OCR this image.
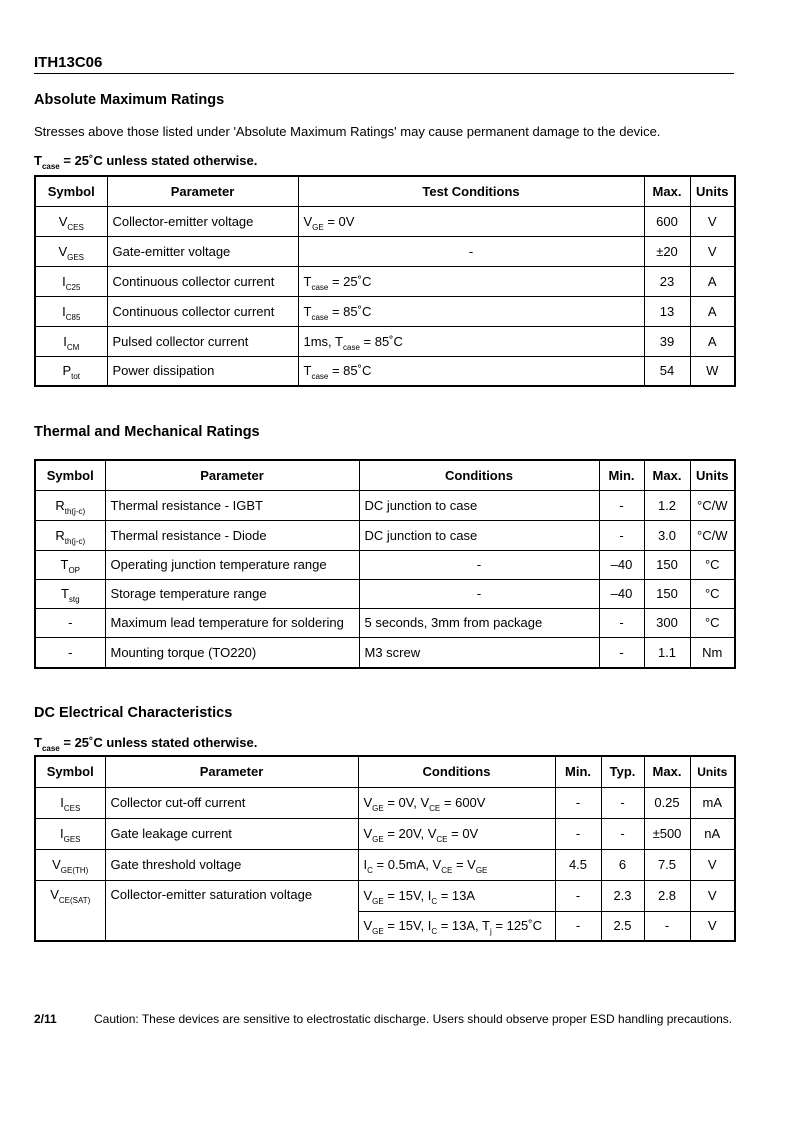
ITH13C06
Absolute Maximum Ratings
Stresses above those listed under 'Absolute Maximum Ratings' may cause permanent damage to the device.
$T_{case}$ = 25˚C unless stated otherwise.
Symbol	Parameter	Test Conditions	Max.	Units
$V_{CES}$	Collector-emitter voltage	$V_{GE} = 0V$	600	V
$V_{GES}$	Gate-emitter voltage	-	±20	V
$I_{C25}$	Continuous collector current	$T_{case}$ = 25˚C	23	A
$I_{C85}$	Continuous collector current	$T_{case}$ = 85˚C	13	A
$I_{CM}$	Pulsed collector current	1ms, $T_{case}$ = 85˚C	39	A
$P_{tot}$	Power dissipation	$T_{case}$ = 85˚C	54	W
Thermal and Mechanical Ratings
Symbol	Parameter	Conditions	Min.	Max.	Units
$R_{th(j-c)}$	Thermal resistance - IGBT	DC junction to case	-	1.2	°C/W
$R_{th(j-c)}$	Thermal resistance - Diode	DC junction to case	-	3.0	°C/W
$T_{OP}$	Operating junction temperature range	-	–40	150	°C
$T_{stg}$	Storage temperature range	-	–40	150	°C
-	Maximum lead temperature for soldering	5 seconds, 3mm from package	-	300	°C
-	Mounting torque (TO220)	M3 screw	-	1.1	Nm
DC Electrical Characteristics
$T_{case}$ = 25˚C unless stated otherwise.
Symbol	Parameter	Conditions	Min.	Typ.	Max.	Units
$I_{CES}$	Collector cut-off current	$V_{GE} = 0V$, $V_{CE} = 600V$	-	-	0.25	mA
$I_{GES}$	Gate leakage current	$V_{GE} = 20V$, $V_{CE} = 0V$	-	-	±500	nA
$V_{GE(TH)}$	Gate threshold voltage	$I_C = 0.5mA$, $V_{CE} = V_{GE}$	4.5	6	7.5	V
$V_{CE(SAT)}$	Collector-emitter saturation voltage	$V_{GE} = 15V$, $I_C = 13A$	-	2.3	2.8	V
		$V_{GE} = 15V$, $I_C = 13A$, $T_j$ = 125˚C	-	2.5	-	V
2/11	Caution: These devices are sensitive to electrostatic discharge. Users should observe proper ESD handling precautions.
